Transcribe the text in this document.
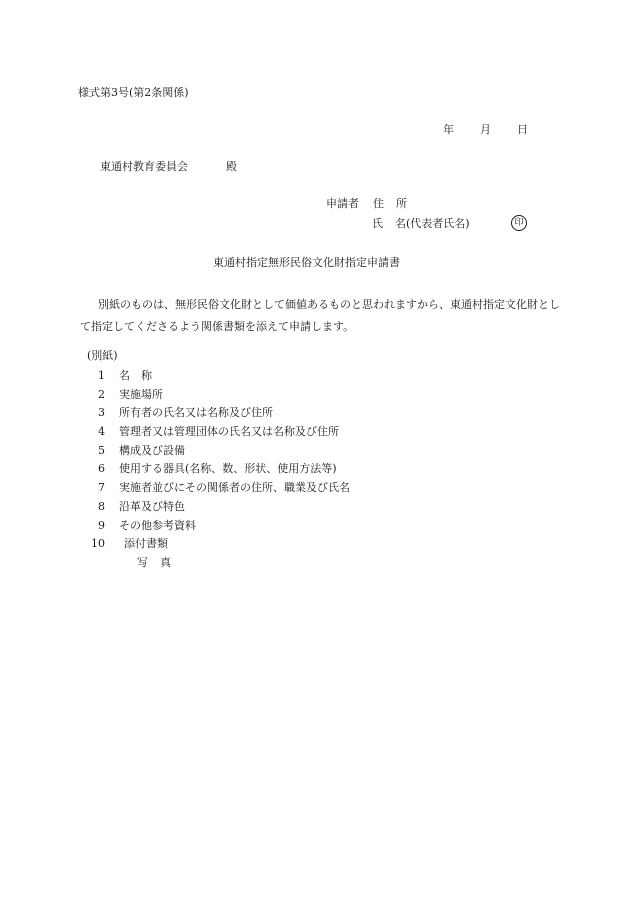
様式第3号(第2条関係)
年 月 日
東通村教育委員会	殿
申請者 住 所
氏 名(代表者氏名)	印
東通村指定無形民俗文化財指定申請書
別紙のものは、無形民俗文化財として価値あるものと思われますから、東通村指定文化財として指定してくださるよう関係書類を添えて申請します。
(別紙)
1 名　称
2 実施場所
3 所有者の氏名又は名称及び住所
4 管理者又は管理団体の氏名又は名称及び住所
5 構成及び設備
6 使用する器具(名称、数、形状、使用方法等)
7 実施者並びにその関係者の住所、職業及び氏名
8 沿革及び特色
9 その他参考資料
10 添付書類
写 真
